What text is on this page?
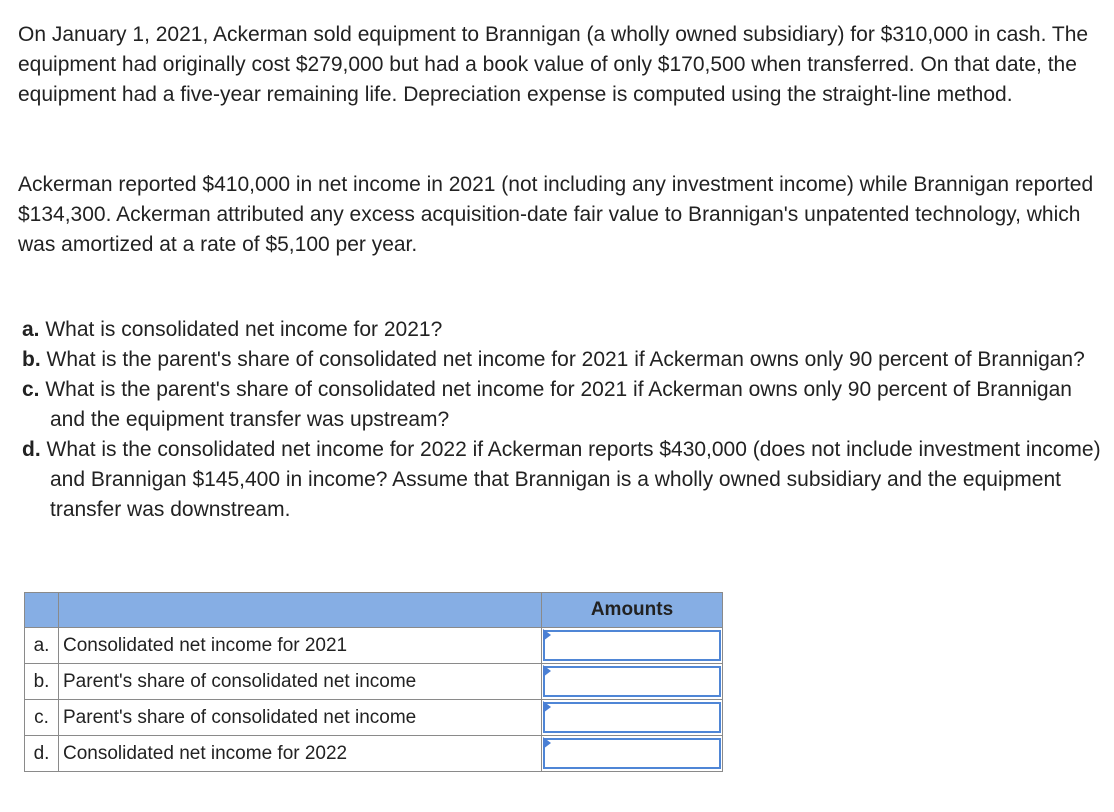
On January 1, 2021, Ackerman sold equipment to Brannigan (a wholly owned subsidiary) for $310,000 in cash. The equipment had originally cost $279,000 but had a book value of only $170,500 when transferred. On that date, the equipment had a five-year remaining life. Depreciation expense is computed using the straight-line method.

Ackerman reported $410,000 in net income in 2021 (not including any investment income) while Brannigan reported $134,300. Ackerman attributed any excess acquisition-date fair value to Brannigan's unpatented technology, which was amortized at a rate of $5,100 per year.

a. What is consolidated net income for 2021?
b. What is the parent's share of consolidated net income for 2021 if Ackerman owns only 90 percent of Brannigan?
c. What is the parent's share of consolidated net income for 2021 if Ackerman owns only 90 percent of Brannigan and the equipment transfer was upstream?
d. What is the consolidated net income for 2022 if Ackerman reports $430,000 (does not include investment income) and Brannigan $145,400 in income? Assume that Brannigan is a wholly owned subsidiary and the equipment transfer was downstream.
		Amounts
a.	Consolidated net income for 2021	

b.	Parent's share of consolidated net income	

c.	Parent's share of consolidated net income	

d.	Consolidated net income for 2022	
